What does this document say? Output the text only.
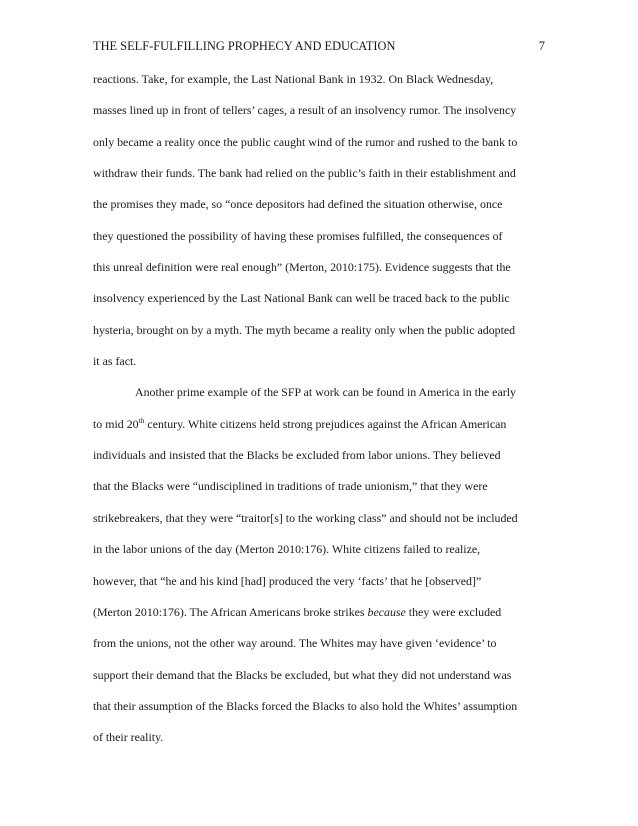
THE SELF-FULFILLING PROPHECY AND EDUCATION	7
reactions. Take, for example, the Last National Bank in 1932. On Black Wednesday,
masses lined up in front of tellers’ cages, a result of an insolvency rumor. The insolvency
only became a reality once the public caught wind of the rumor and rushed to the bank to
withdraw their funds. The bank had relied on the public’s faith in their establishment and
the promises they made, so “once depositors had defined the situation otherwise, once
they questioned the possibility of having these promises fulfilled, the consequences of
this unreal definition were real enough” (Merton, 2010:175). Evidence suggests that the
insolvency experienced by the Last National Bank can well be traced back to the public
hysteria, brought on by a myth. The myth became a reality only when the public adopted
it as fact.
Another prime example of the SFP at work can be found in America in the early
to mid 20th century. White citizens held strong prejudices against the African American
individuals and insisted that the Blacks be excluded from labor unions. They believed
that the Blacks were “undisciplined in traditions of trade unionism,” that they were
strikebreakers, that they were “traitor[s] to the working class” and should not be included
in the labor unions of the day (Merton 2010:176). White citizens failed to realize,
however, that “he and his kind [had] produced the very ‘facts’ that he [observed]”
(Merton 2010:176). The African Americans broke strikes because they were excluded
from the unions, not the other way around. The Whites may have given ‘evidence’ to
support their demand that the Blacks be excluded, but what they did not understand was
that their assumption of the Blacks forced the Blacks to also hold the Whites’ assumption
of their reality.
